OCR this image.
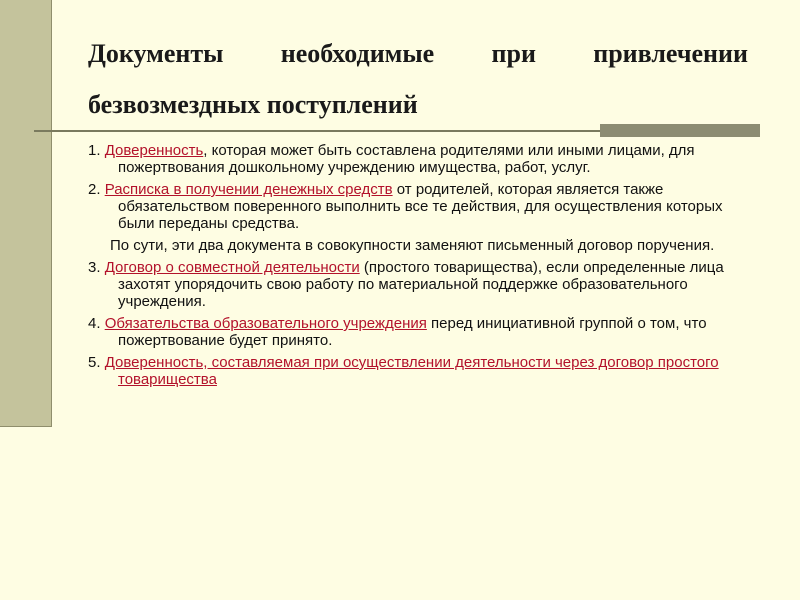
Документы необходимые при привлечении
безвозмездных поступлений
1. Доверенность, которая может быть составлена родителями или иными лицами, для пожертвования дошкольному учреждению имущества, работ, услуг.
2. Расписка в получении денежных средств от родителей, которая является также обязательством поверенного выполнить все те действия, для осуществления которых были переданы средства.
По сути, эти два документа в совокупности заменяют письменный договор поручения.
3. Договор о совместной деятельности (простого товарищества), если определенные лица захотят упорядочить свою работу по материальной поддержке образовательного учреждения.
4. Обязательства образовательного учреждения перед инициативной группой о том, что пожертвование будет принято.
5. Доверенность, составляемая при осуществлении деятельности через договор простого товарищества
